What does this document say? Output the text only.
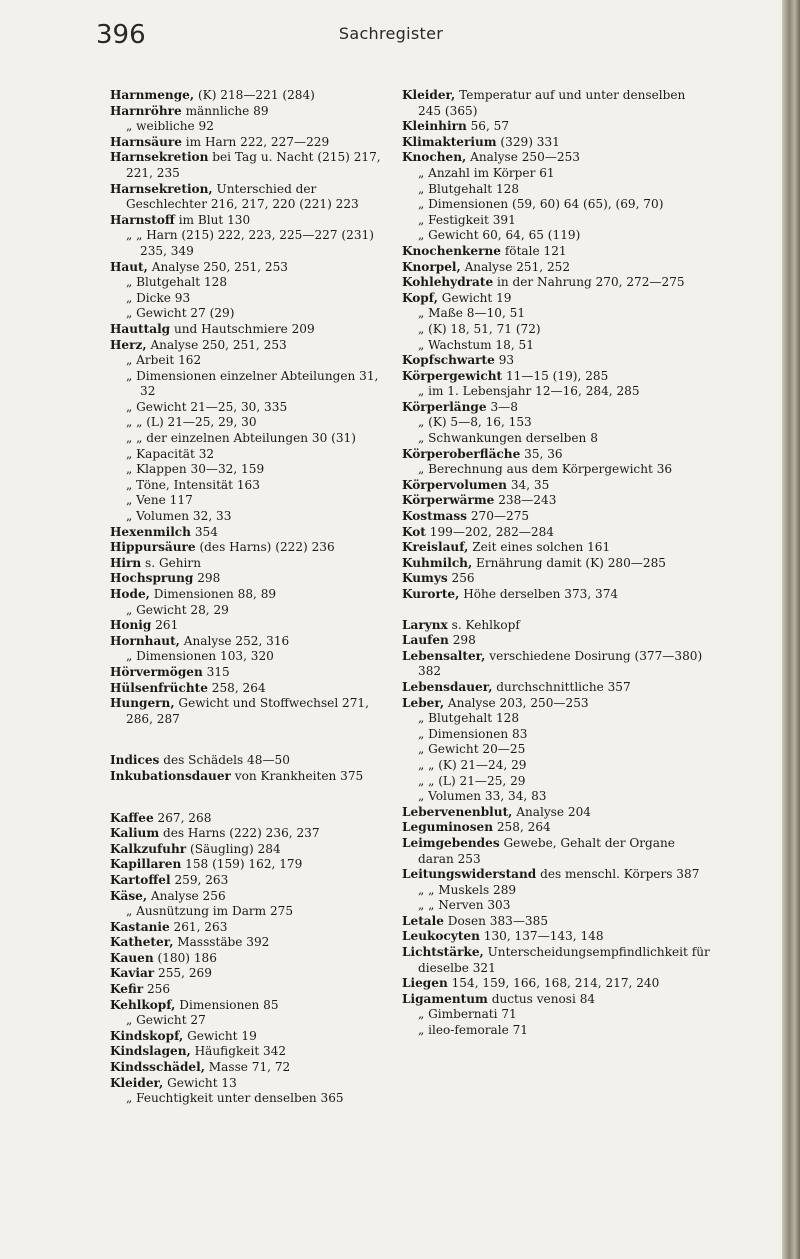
396	Sachregister
Harnmenge, (K) 218—221 (284)
Harnröhre männliche 89
„ weibliche 92
Harnsäure im Harn 222, 227—229
Harnsekretion bei Tag u. Nacht (215) 217, 221, 235
Harnsekretion, Unterschied der Geschlechter 216, 217, 220 (221) 223
Harnstoff im Blut 130
„ „ Harn (215) 222, 223, 225—227 (231) 235, 349
Haut, Analyse 250, 251, 253
„ Blutgehalt 128
„ Dicke 93
„ Gewicht 27 (29)
Hauttalg und Hautschmiere 209
Herz, Analyse 250, 251, 253
„ Arbeit 162
„ Dimensionen einzelner Abteilungen 31, 32
„ Gewicht 21—25, 30, 335
„ „ (L) 21—25, 29, 30
„ „ der einzelnen Abteilungen 30 (31)
„ Kapacität 32
„ Klappen 30—32, 159
„ Töne, Intensität 163
„ Vene 117
„ Volumen 32, 33
Hexenmilch 354
Hippursäure (des Harns) (222) 236
Hirn s. Gehirn
Hochsprung 298
Hode, Dimensionen 88, 89
„ Gewicht 28, 29
Honig 261
Hornhaut, Analyse 252, 316
„ Dimensionen 103, 320
Hörvermögen 315
Hülsenfrüchte 258, 264
Hungern, Gewicht und Stoffwechsel 271, 286, 287
Indices des Schädels 48—50
Inkubationsdauer von Krankheiten 375
Kaffee 267, 268
Kalium des Harns (222) 236, 237
Kalkzufuhr (Säugling) 284
Kapillaren 158 (159) 162, 179
Kartoffel 259, 263
Käse, Analyse 256
„ Ausnützung im Darm 275
Kastanie 261, 263
Katheter, Massstäbe 392
Kauen (180) 186
Kaviar 255, 269
Kefir 256
Kehlkopf, Dimensionen 85
„ Gewicht 27
Kindskopf, Gewicht 19
Kindslagen, Häufigkeit 342
Kindsschädel, Masse 71, 72
Kleider, Gewicht 13
„ Feuchtigkeit unter denselben 365
Kleider, Temperatur auf und unter denselben 245 (365)
Kleinhirn 56, 57
Klimakterium (329) 331
Knochen, Analyse 250—253
„ Anzahl im Körper 61
„ Blutgehalt 128
„ Dimensionen (59, 60) 64 (65), (69, 70)
„ Festigkeit 391
„ Gewicht 60, 64, 65 (119)
Knochenkerne fötale 121
Knorpel, Analyse 251, 252
Kohlehydrate in der Nahrung 270, 272—275
Kopf, Gewicht 19
„ Maße 8—10, 51
„ (K) 18, 51, 71 (72)
„ Wachstum 18, 51
Kopfschwarte 93
Körpergewicht 11—15 (19), 285
„ im 1. Lebensjahr 12—16, 284, 285
Körperlänge 3—8
„ (K) 5—8, 16, 153
„ Schwankungen derselben 8
Körperoberfläche 35, 36
„ Berechnung aus dem Körpergewicht 36
Körpervolumen 34, 35
Körperwärme 238—243
Kostmass 270—275
Kot 199—202, 282—284
Kreislauf, Zeit eines solchen 161
Kuhmilch, Ernährung damit (K) 280—285
Kumys 256
Kurorte, Höhe derselben 373, 374
Larynx s. Kehlkopf
Laufen 298
Lebensalter, verschiedene Dosirung (377—380) 382
Lebensdauer, durchschnittliche 357
Leber, Analyse 203, 250—253
„ Blutgehalt 128
„ Dimensionen 83
„ Gewicht 20—25
„ „ (K) 21—24, 29
„ „ (L) 21—25, 29
„ Volumen 33, 34, 83
Lebervenenblut, Analyse 204
Leguminosen 258, 264
Leimgebendes Gewebe, Gehalt der Organe daran 253
Leitungswiderstand des menschl. Körpers 387
„ „ Muskels 289
„ „ Nerven 303
Letale Dosen 383—385
Leukocyten 130, 137—143, 148
Lichtstärke, Unterscheidungsempfindlichkeit für dieselbe 321
Liegen 154, 159, 166, 168, 214, 217, 240
Ligamentum ductus venosi 84
„ Gimbernati 71
„ ileo-femorale 71
